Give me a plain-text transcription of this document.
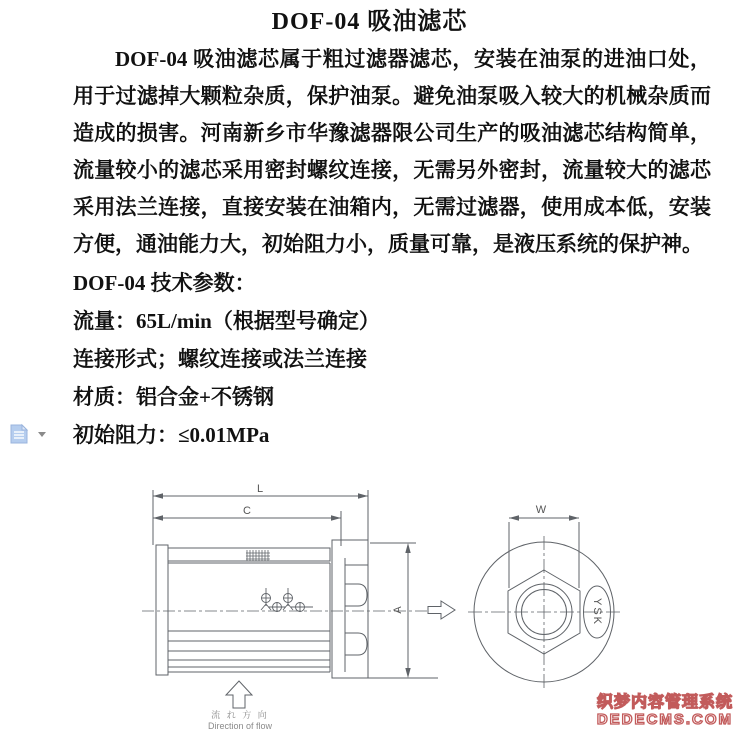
DOF-04 吸油滤芯
DOF-04 吸油滤芯属于粗过滤器滤芯，安装在油泵的进油口处，用于过滤掉大颗粒杂质，保护油泵。避免油泵吸入较大的机械杂质而造成的损害。河南新乡市华豫滤器限公司生产的吸油滤芯结构简单，流量较小的滤芯采用密封螺纹连接，无需另外密封，流量较大的滤芯采用法兰连接，直接安装在油箱内，无需过滤器，使用成本低，安装方便，通油能力大，初始阻力小，质量可靠，是液压系统的保护神。
DOF-04 技术参数：
流量：65L/min（根据型号确定）
连接形式；螺纹连接或法兰连接
材质：铝合金+不锈钢
初始阻力：≤0.01MPa
L
C	W
A	YSK
流 れ 方 向
Direction of flow
织梦内容管理系统
DEDECMS.COM
